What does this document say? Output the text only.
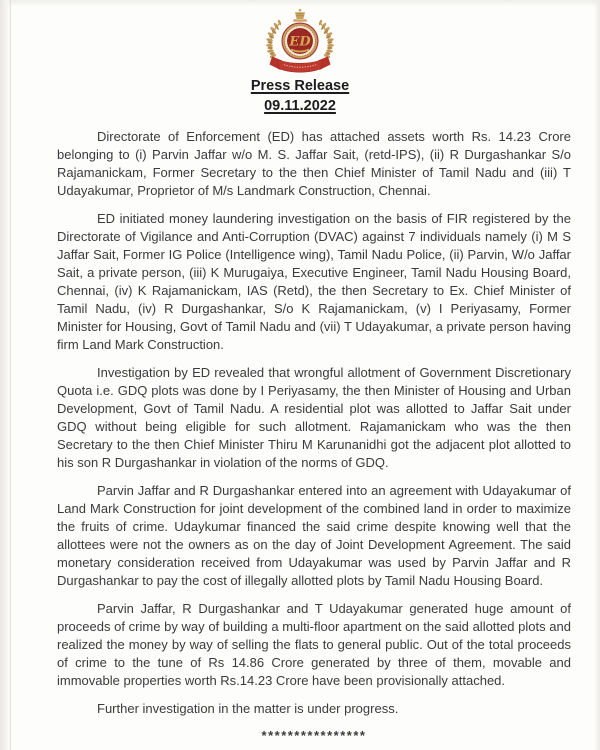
ED
Press Release
09.11.2022

Directorate of Enforcement (ED) has attached assets worth Rs. 14.23 Crore belonging to (i) Parvin Jaffar w/o M. S. Jaffar Sait, (retd-IPS), (ii) R Durgashankar S/o Rajamanickam, Former Secretary to the then Chief Minister of Tamil Nadu and (iii) T Udayakumar, Proprietor of M/s Landmark Construction, Chennai.

ED initiated money laundering investigation on the basis of FIR registered by the Directorate of Vigilance and Anti-Corruption (DVAC) against 7 individuals namely (i) M S Jaffar Sait, Former IG Police (Intelligence wing), Tamil Nadu Police, (ii) Parvin, W/o Jaffar Sait, a private person, (iii) K Murugaiya, Executive Engineer, Tamil Nadu Housing Board, Chennai, (iv) K Rajamanickam, IAS (Retd), the then Secretary to Ex. Chief Minister of Tamil Nadu, (iv) R Durgashankar, S/o K Rajamanickam, (v) I Periyasamy, Former Minister for Housing, Govt of Tamil Nadu and (vii) T Udayakumar, a private person having firm Land Mark Construction.

Investigation by ED revealed that wrongful allotment of Government Discretionary Quota i.e. GDQ plots was done by I Periyasamy, the then Minister of Housing and Urban Development, Govt of Tamil Nadu. A residential plot was allotted to Jaffar Sait under GDQ without being eligible for such allotment. Rajamanickam who was the then Secretary to the then Chief Minister Thiru M Karunanidhi got the adjacent plot allotted to his son R Durgashankar in violation of the norms of GDQ.

Parvin Jaffar and R Durgashankar entered into an agreement with Udayakumar of Land Mark Construction for joint development of the combined land in order to maximize the fruits of crime. Udaykumar financed the said crime despite knowing well that the allottees were not the owners as on the day of Joint Development Agreement. The said monetary consideration received from Udayakumar was used by Parvin Jaffar and R Durgashankar to pay the cost of illegally allotted plots by Tamil Nadu Housing Board.

Parvin Jaffar, R Durgashankar and T Udayakumar generated huge amount of proceeds of crime by way of building a multi-floor apartment on the said allotted plots and realized the money by way of selling the flats to general public. Out of the total proceeds of crime to the tune of Rs 14.86 Crore generated by three of them, movable and immovable properties worth Rs.14.23 Crore have been provisionally attached.

Further investigation in the matter is under progress.

****************
